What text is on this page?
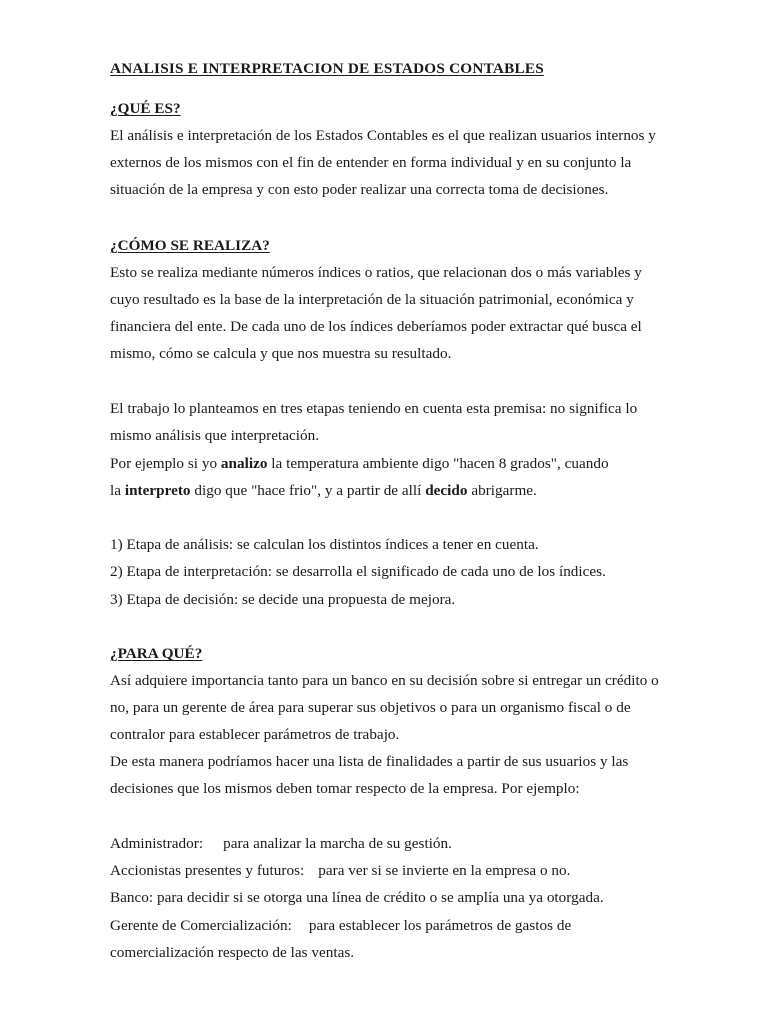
ANALISIS E INTERPRETACION DE ESTADOS CONTABLES
¿QUÉ ES?
El análisis e interpretación de los Estados Contables es el que realizan usuarios internos y
externos de los mismos con el fin de entender en forma individual y en su conjunto la
situación de la empresa y con esto poder realizar una correcta toma de decisiones.
¿CÓMO SE REALIZA?
Esto se realiza mediante números índices o ratios, que relacionan dos o más variables y
cuyo resultado es la base de la interpretación de la situación patrimonial, económica y
financiera del ente. De cada uno de los índices deberíamos poder extractar qué busca el
mismo, cómo se calcula y que nos muestra su resultado.
El trabajo lo planteamos en tres etapas teniendo en cuenta esta premisa: no significa lo
mismo análisis que interpretación.
Por ejemplo si yo analizo la temperatura ambiente digo "hacen 8 grados", cuando
la interpreto digo que "hace frio", y a partir de allí decido abrigarme.
1) Etapa de análisis: se calculan los distintos índices a tener en cuenta.
2) Etapa de interpretación: se desarrolla el significado de cada uno de los índices.
3) Etapa de decisión: se decide una propuesta de mejora.
¿PARA QUÉ?
Así adquiere importancia tanto para un banco en su decisión sobre si entregar un crédito o
no, para un gerente de área para superar sus objetivos o para un organismo fiscal o de
contralor para establecer parámetros de trabajo.
De esta manera podríamos hacer una lista de finalidades a partir de sus usuarios y las
decisiones que los mismos deben tomar respecto de la empresa. Por ejemplo:
Administrador: para analizar la marcha de su gestión.
Accionistas presentes y futuros: para ver si se invierte en la empresa o no.
Banco: para decidir si se otorga una línea de crédito o se amplía una ya otorgada.
Gerente de Comercialización: para establecer los parámetros de gastos de
comercialización respecto de las ventas.
